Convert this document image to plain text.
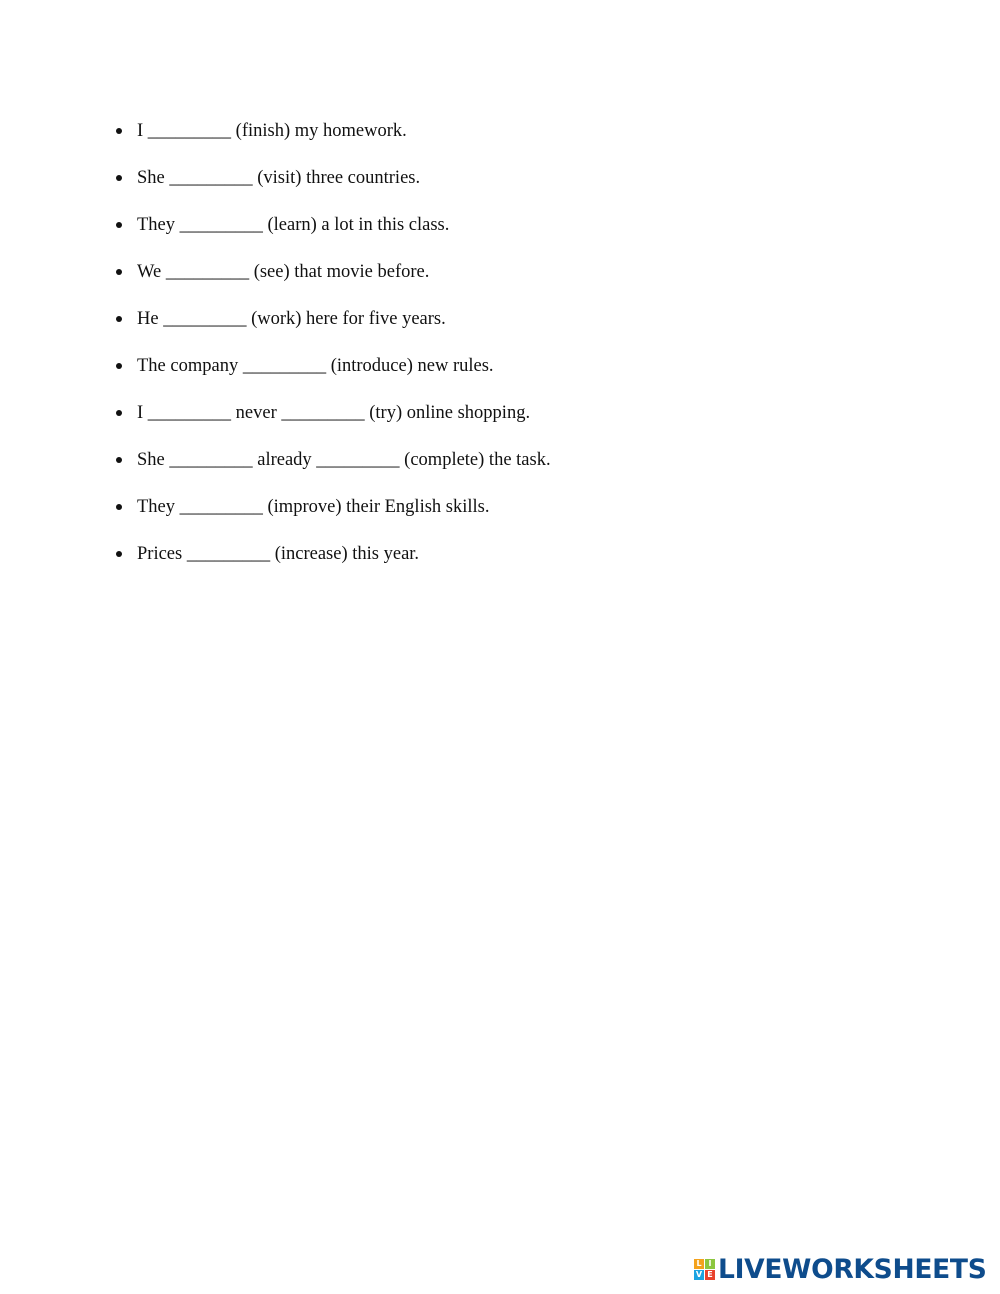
I _________ (finish) my homework.
She _________ (visit) three countries.
They _________ (learn) a lot in this class.
We _________ (see) that movie before.
He _________ (work) here for five years.
The company _________ (introduce) new rules.
I _________ never _________ (try) online shopping.
She _________ already _________ (complete) the task.
They _________ (improve) their English skills.
Prices _________ (increase) this year.
L I
V E LIVEWORKSHEETS
